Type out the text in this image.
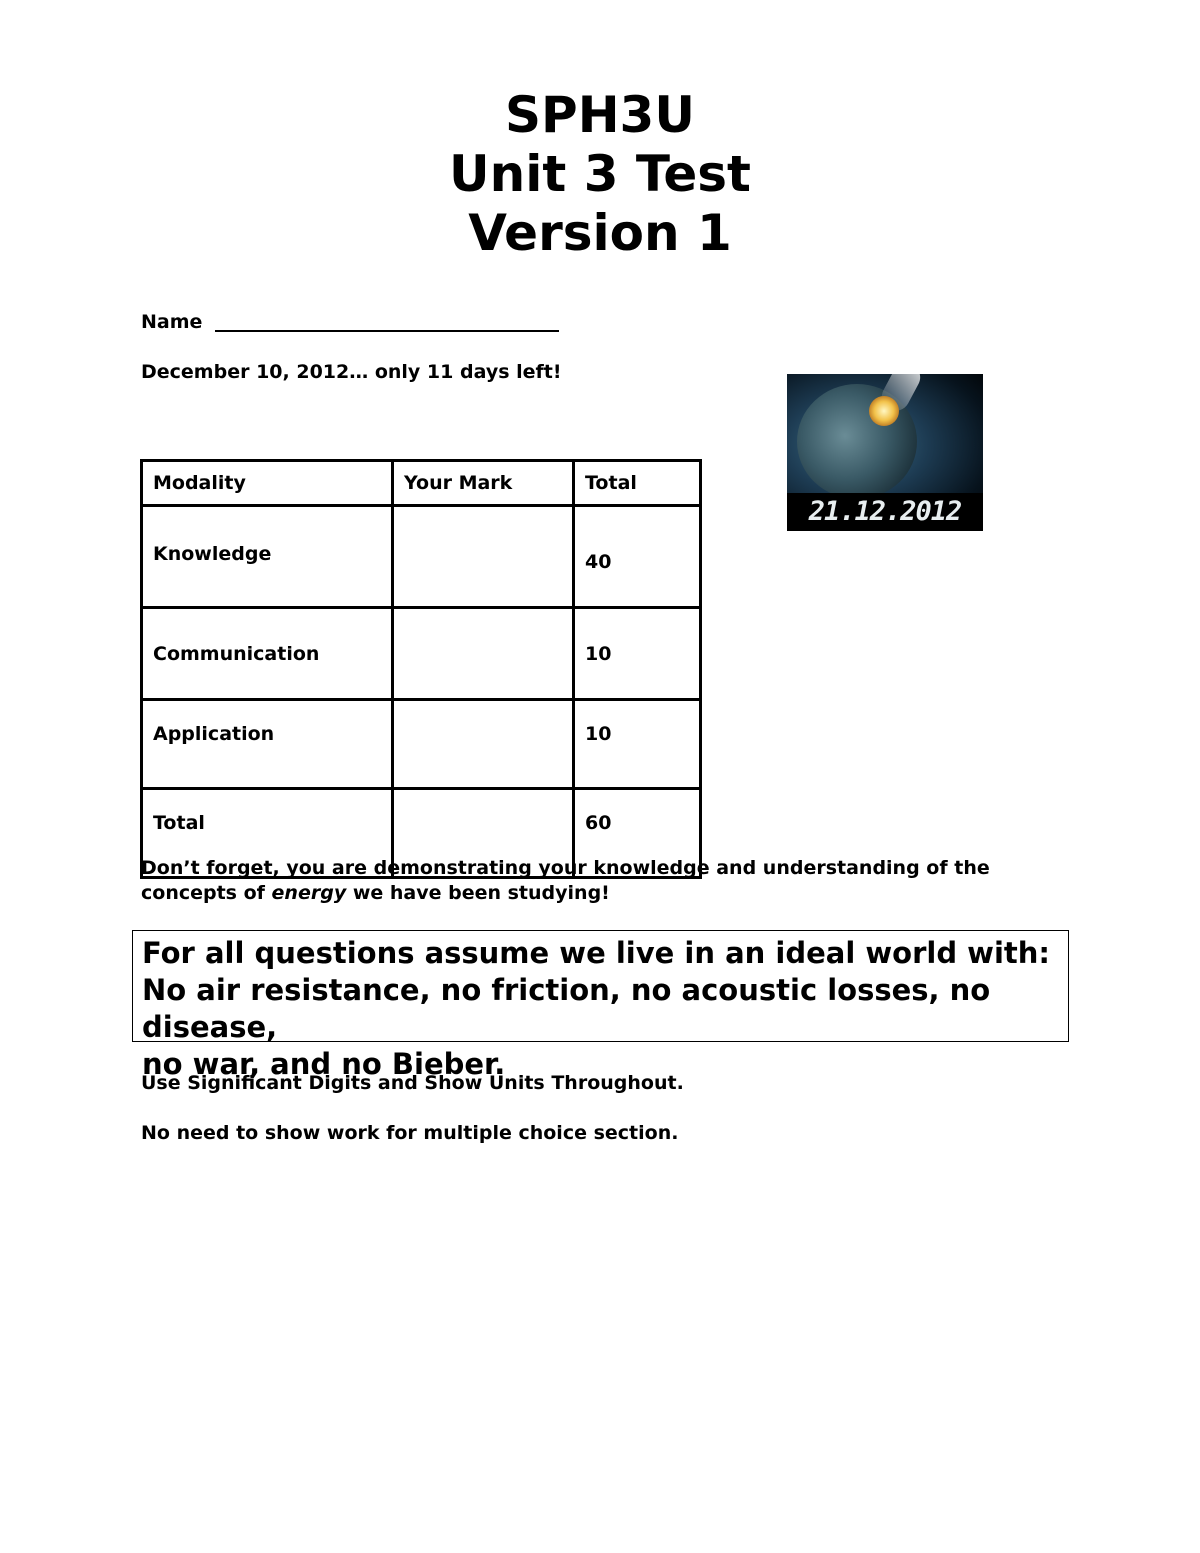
SPH3U
Unit 3 Test
Version 1
Name
December 10, 2012… only 11 days left!
21.12.2012
Modality	Your Mark	Total
Knowledge		40
Communication		10
Application		10
Total		60
Don’t forget, you are demonstrating your knowledge and understanding of the concepts of energy we have been studying!
For all questions assume we live in an ideal world with:
No air resistance, no friction, no acoustic losses, no disease,
no war, and no Bieber.
Use Significant Digits and Show Units Throughout.
No need to show work for multiple choice section.
